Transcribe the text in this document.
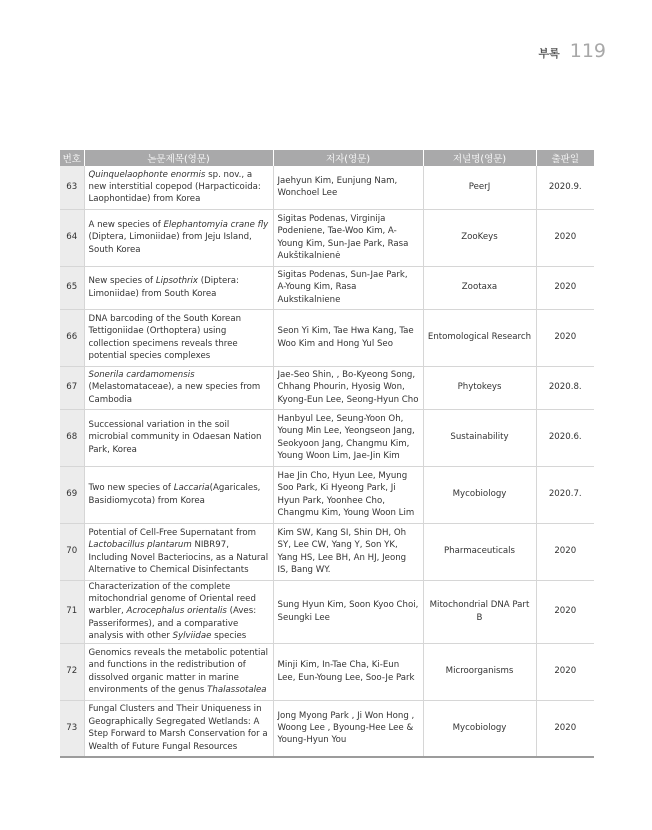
부록 119
번호	논문제목(영문)	저자(영문)	저널명(영문)	출판일
63	Quinquelaophonte enormis sp. nov., a new interstitial copepod (Harpacticoida: Laophontidae) from Korea	Jaehyun Kim, Eunjung Nam, Wonchoel Lee	PeerJ	2020.9.
64	A new species of Elephantomyia crane fly (Diptera, Limoniidae) from Jeju Island, South Korea	Sigitas Podenas, Virginija Podeniene, Tae-Woo Kim, A-Young Kim, Sun-Jae Park, Rasa Aukštikalnienė	ZooKeys	2020
65	New species of Lipsothrix (Diptera: Limoniidae) from South Korea	Sigitas Podenas, Sun-Jae Park, A-Young Kim, Rasa Aukstikalniene	Zootaxa	2020
66	DNA barcoding of the South Korean Tettigoniidae (Orthoptera) using collection specimens reveals three potential species complexes	Seon Yi Kim, Tae Hwa Kang, Tae Woo Kim and Hong Yul Seo	Entomological Research	2020
67	Sonerila cardamomensis (Melastomataceae), a new species from Cambodia	Jae-Seo Shin, , Bo-Kyeong Song, Chhang Phourin, Hyosig Won, Kyong-Eun Lee, Seong-Hyun Cho	Phytokeys	2020.8.
68	Successional variation in the soil microbial community in Odaesan Nation Park, Korea	Hanbyul Lee, Seung-Yoon Oh, Young Min Lee, Yeongseon Jang, Seokyoon Jang, Changmu Kim, Young Woon Lim, Jae-Jin Kim	Sustainability	2020.6.
69	Two new species of Laccaria(Agaricales, Basidiomycota) from Korea	Hae Jin Cho, Hyun Lee, Myung Soo Park, Ki Hyeong Park, Ji Hyun Park, Yoonhee Cho, Changmu Kim, Young Woon Lim	Mycobiology	2020.7.
70	Potential of Cell-Free Supernatant from Lactobacillus plantarum NIBR97, Including Novel Bacteriocins, as a Natural Alternative to Chemical Disinfectants	Kim SW, Kang SI, Shin DH, Oh SY, Lee CW, Yang Y, Son YK, Yang HS, Lee BH, An HJ, Jeong IS, Bang WY.	Pharmaceuticals	2020
71	Characterization of the complete mitochondrial genome of Oriental reed warbler, Acrocephalus orientalis (Aves: Passeriformes), and a comparative analysis with other Sylviidae species	Sung Hyun Kim, Soon Kyoo Choi, Seungki Lee	Mitochondrial DNA Part B	2020
72	Genomics reveals the metabolic potential and functions in the redistribution of dissolved organic matter in marine environments of the genus Thalassotalea	Minji Kim, In-Tae Cha, Ki-Eun Lee, Eun-Young Lee, Soo-Je Park	Microorganisms	2020
73	Fungal Clusters and Their Uniqueness in Geographically Segregated Wetlands: A Step Forward to Marsh Conservation for a Wealth of Future Fungal Resources	Jong Myong Park , Ji Won Hong , Woong Lee , Byoung-Hee Lee & Young-Hyun You	Mycobiology	2020
